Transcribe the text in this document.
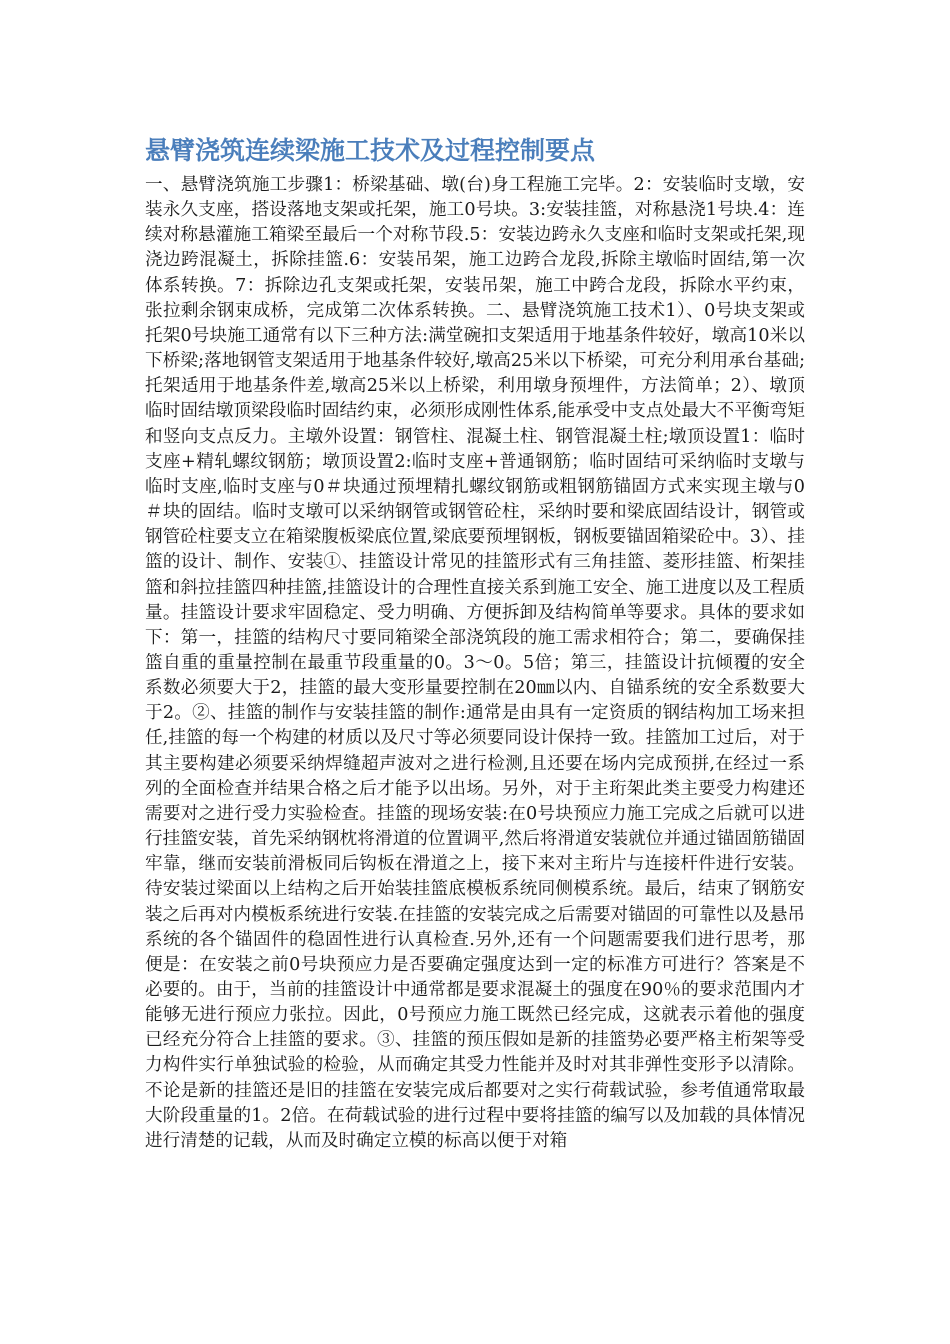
悬臂浇筑连续梁施工技术及过程控制要点

一、悬臂浇筑施工步骤1：桥梁基础、墩(台)身工程施工完毕。2：安装临时支墩，安装永久支座，搭设落地支架或托架，施工0号块。3:安装挂篮，对称悬浇1号块.4：连续对称悬灌施工箱梁至最后一个对称节段.5：安装边跨永久支座和临时支架或托架,现浇边跨混凝土，拆除挂篮.6：安装吊架，施工边跨合龙段,拆除主墩临时固结,第一次体系转换。7：拆除边孔支架或托架，安装吊架，施工中跨合龙段，拆除水平约束，张拉剩余钢束成桥，完成第二次体系转换。二、悬臂浇筑施工技术1）、0号块支架或托架0号块施工通常有以下三种方法:满堂碗扣支架适用于地基条件较好，墩高10米以下桥梁;落地钢管支架适用于地基条件较好,墩高25米以下桥梁，可充分利用承台基础;托架适用于地基条件差,墩高25米以上桥梁，利用墩身预埋件，方法简单；2）、墩顶临时固结墩顶梁段临时固结约束，必须形成刚性体系,能承受中支点处最大不平衡弯矩和竖向支点反力。主墩外设置：钢管柱、混凝土柱、钢管混凝土柱;墩顶设置1：临时支座+精轧螺纹钢筋；墩顶设置2:临时支座+普通钢筋；临时固结可采纳临时支墩与临时支座,临时支座与0＃块通过预埋精扎螺纹钢筋或粗钢筋锚固方式来实现主墩与0＃块的固结。临时支墩可以采纳钢管或钢管砼柱，采纳时要和梁底固结设计，钢管或钢管砼柱要支立在箱梁腹板梁底位置,梁底要预埋钢板，钢板要锚固箱梁砼中。3）、挂篮的设计、制作、安装①、挂篮设计常见的挂篮形式有三角挂篮、菱形挂篮、桁架挂篮和斜拉挂篮四种挂篮,挂篮设计的合理性直接关系到施工安全、施工进度以及工程质量。挂篮设计要求牢固稳定、受力明确、方便拆卸及结构简单等要求。具体的要求如下：第一，挂篮的结构尺寸要同箱梁全部浇筑段的施工需求相符合；第二，要确保挂篮自重的重量控制在最重节段重量的0。3～0。5倍；第三，挂篮设计抗倾覆的安全系数必须要大于2，挂篮的最大变形量要控制在20㎜以内、自锚系统的安全系数要大于2。②、挂篮的制作与安装挂篮的制作:通常是由具有一定资质的钢结构加工场来担任,挂篮的每一个构建的材质以及尺寸等必须要同设计保持一致。挂篮加工过后，对于其主要构建必须要采纳焊缝超声波对之进行检测,且还要在场内完成预拼,在经过一系列的全面检查并结果合格之后才能予以出场。另外，对于主珩架此类主要受力构建还需要对之进行受力实验检查。挂篮的现场安装:在0号块预应力施工完成之后就可以进行挂篮安装，首先采纳钢枕将滑道的位置调平,然后将滑道安装就位并通过锚固筋锚固牢靠，继而安装前滑板同后钩板在滑道之上，接下来对主珩片与连接杆件进行安装。待安装过梁面以上结构之后开始装挂篮底模板系统同侧模系统。最后，结束了钢筋安装之后再对内模板系统进行安装.在挂篮的安装完成之后需要对锚固的可靠性以及悬吊系统的各个锚固件的稳固性进行认真检查.另外,还有一个问题需要我们进行思考，那便是：在安装之前0号块预应力是否要确定强度达到一定的标准方可进行？答案是不必要的。由于，当前的挂篮设计中通常都是要求混凝土的强度在90％的要求范围内才能够无进行预应力张拉。因此，0号预应力施工既然已经完成，这就表示着他的强度已经充分符合上挂篮的要求。③、挂篮的预压假如是新的挂篮势必要严格主桁架等受力构件实行单独试验的检验，从而确定其受力性能并及时对其非弹性变形予以清除。不论是新的挂篮还是旧的挂篮在安装完成后都要对之实行荷载试验，参考值通常取最大阶段重量的1。2倍。在荷载试验的进行过程中要将挂篮的编写以及加载的具体情况进行清楚的记载，从而及时确定立模的标高以便于对箱
